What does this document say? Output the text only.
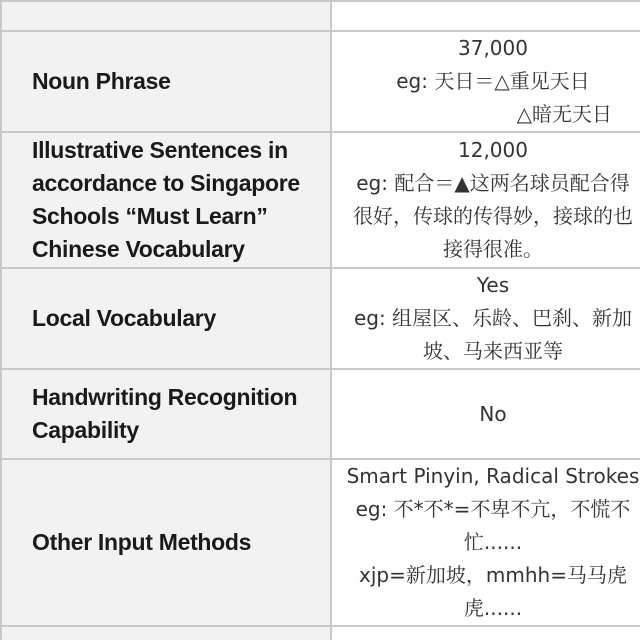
Noun Phrase	37,000
eg: 天日＝△重见天日
△暗无天日

Illustrative Sentences in
accordance to Singapore
Schools “Must Learn”
Chinese Vocabulary	12,000
eg: 配合＝▲这两名球员配合得
很好，传球的传得妙，接球的也
接得很准。

Local Vocabulary	Yes
eg: 组屋区、乐龄、巴刹、新加
坡、马来西亚等

Handwriting Recognition
Capability	No

Other Input Methods	Smart Pinyin, Radical Strokes
eg: 不*不*=不卑不亢，不慌不
忙......
xjp=新加坡，mmhh=马马虎
虎......
